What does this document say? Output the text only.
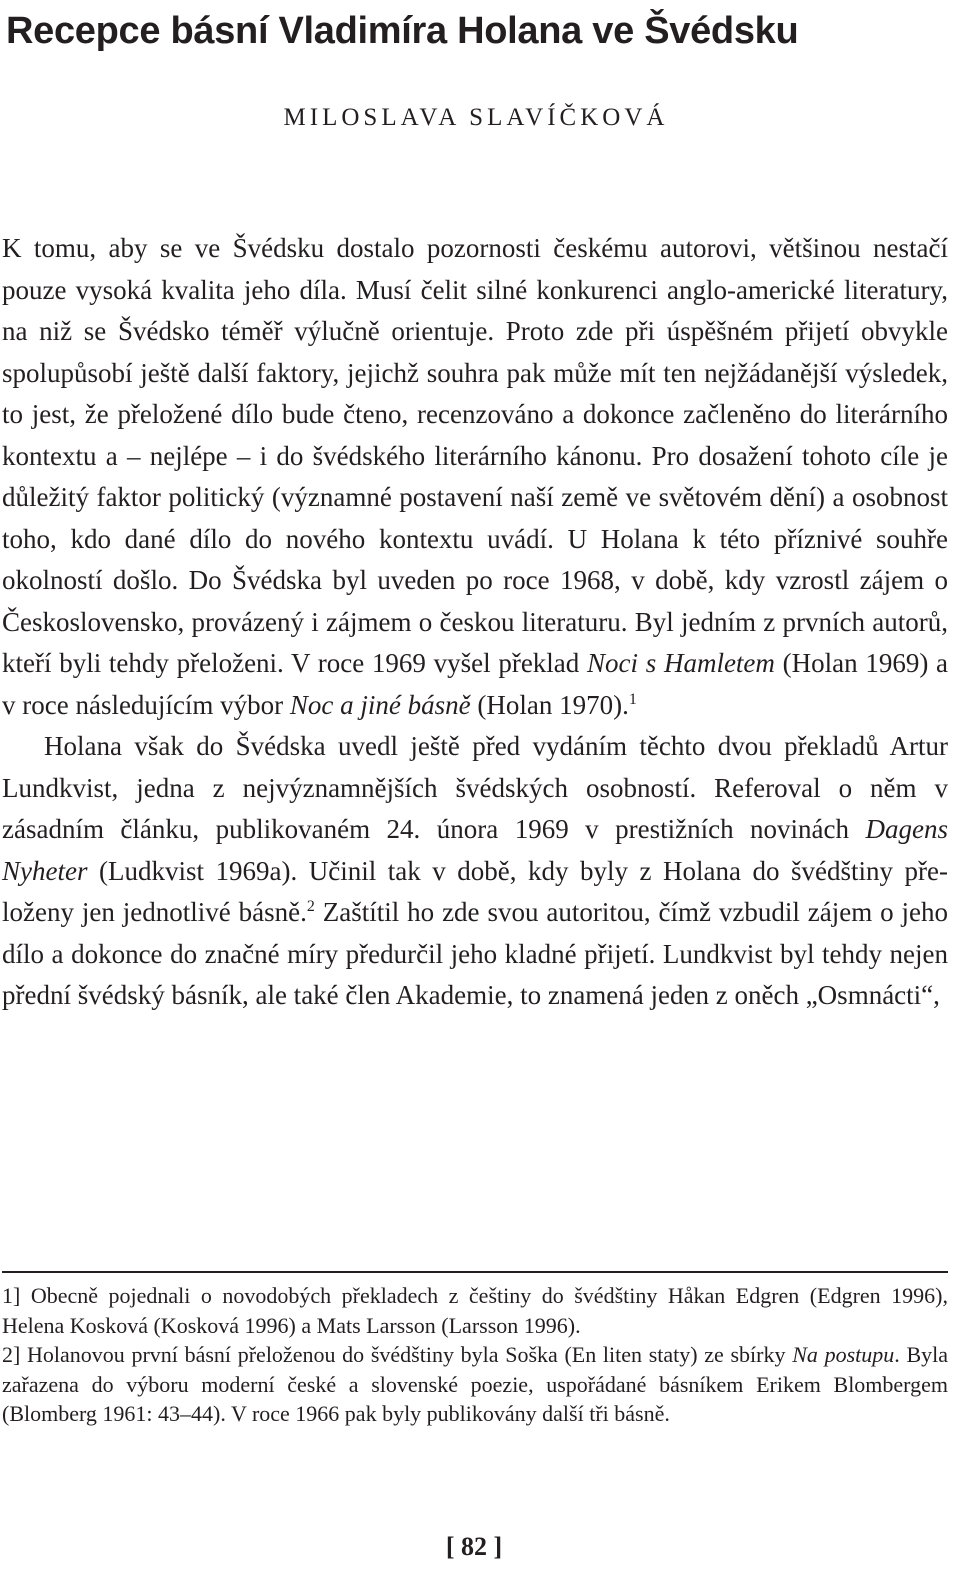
Recepce básní Vladimíra Holana ve Švédsku
MILOSLAVA SLAVÍČKOVÁ

K tomu, aby se ve Švédsku dostalo pozornosti českému autorovi, většinou nestačí pouze vysoká kvalita jeho díla. Musí čelit silné konkurenci anglo-americké literatury, na niž se Švédsko téměř výlučně orientuje. Proto zde při úspěšném přijetí obvykle spolupůsobí ještě další faktory, jejichž souhra pak může mít ten nejžádanější výsledek, to jest, že přeložené dílo bude čteno, recenzováno a dokonce začleněno do literárního kontextu a – nejlépe – i do švédského literárního kánonu. Pro dosažení tohoto cíle je důležitý faktor politický (významné postavení naší země ve světovém dění) a osobnost toho, kdo dané dílo do nového kontextu uvádí. U Holana k této příznivé souhře okolností došlo. Do Švédska byl uveden po roce 1968, v době, kdy vzrostl zájem o Československo, provázený i zájmem o českou literaturu. Byl jedním z prvních autorů, kteří byli tehdy přeloženi. V roce 1969 vyšel překlad Noci s Hamletem (Holan 1969) a v roce následujícím výbor Noc a jiné básně (Holan 1970).$^1$

Holana však do Švédska uvedl ještě před vydáním těchto dvou překladů Artur Lundkvist, jedna z nejvýznamnějších švédských osobností. Referoval o něm v zásadním článku, publikovaném 24. února 1969 v prestižních novinách Dagens Nyheter (Ludkvist 1969a). Učinil tak v době, kdy byly z Holana do švédštiny přeloženy jen jednotlivé básně.$^2$ Zaštítil ho zde svou autoritou, čímž vzbudil zájem o jeho dílo a dokonce do značné míry předurčil jeho kladné přijetí. Lundkvist byl tehdy nejen přední švédský básník, ale také člen Akademie, to znamená jeden z oněch „Osmnácti“,

1] Obecně pojednali o novodobých překladech z češtiny do švédštiny Håkan Edgren (Edgren 1996), Helena Kosková (Kosková 1996) a Mats Larsson (Larsson 1996).

2] Holanovou první básní přeloženou do švédštiny byla Soška (En liten staty) ze sbírky Na postupu. Byla zařazena do výboru moderní české a slovenské poezie, uspořádané básníkem Erikem Blombergem (Blomberg 1961: 43–44). V roce 1966 pak byly publikovány další tři básně.

[ 82 ]
